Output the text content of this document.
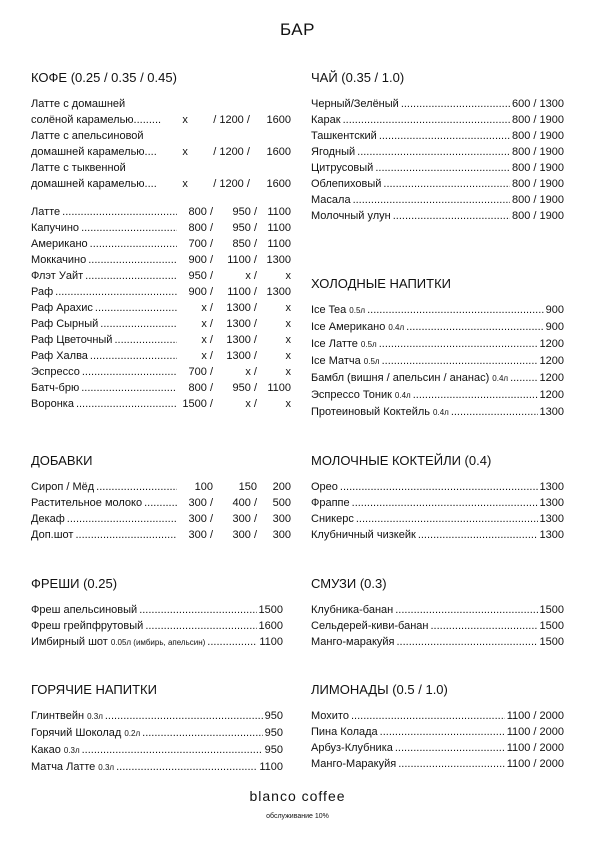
БАР
КОФЕ (0.25 / 0.35 / 0.45)
Латте с домашней
солёной карамелью.........	x	/ 1200 /	1600
Латте с апельсиновой
домашней карамелью....	x	/ 1200 /	1600
Латте с тыквенной
домашней карамелью....	x	/ 1200 /	1600
Латте .....	800 /	950 / 1100
Капучино .....	800 /	950 / 1100
Американо .....	700 /	850 / 1100
Моккачино .....	900 /	1100 / 1300
Флэт Уайт .....	950 /	x /	x
Раф .....	900 /	1100 / 1300
Раф Арахис .....	x /	1300 /	x
Раф Сырный .....	x /	1300 /	x
Раф Цветочный .....	x /	1300 /	x
Раф Халва .....	x /	1300 /	x
Эспрессо .....	700 /	x /	x
Батч-брю .....	800 /	950 / 1100
Воронка .....	1500 /	x /	x
ЧАЙ (0.35 / 1.0)
Черный/Зелёный .....	600 / 1300
Карак .....	800 / 1900
Ташкентский .....	800 / 1900
Ягодный .....	800 / 1900
Цитрусовый .....	800 / 1900
Облепиховый .....	800 / 1900
Масала .....	800 / 1900
Молочный улун .....	800 / 1900
ХОЛОДНЫЕ НАПИТКИ
Ice Tea 0.5л .....	900
Ice Американо 0.4л .....	900
Ice Латте 0.5л .....	1200
Ice Матча 0.5л .....	1200
Бамбл (вишня / апельсин / ананас) 0.4л .....	1200
Эспрессо Тоник 0.4л .....	1200
Протеиновый Коктейль 0.4л .....	1300
ДОБАВКИ
Сироп / Мёд .....	100	150	200
Растительное молоко .....	300 /	400 /	500
Декаф .....	300 /	300 /	300
Доп.шот .....	300 /	300 /	300
МОЛОЧНЫЕ КОКТЕЙЛИ (0.4)
Орео .....	1300
Фраппе .....	1300
Сникерс .....	1300
Клубничный чизкейк .....	1300
ФРЕШИ (0.25)
Фреш апельсиновый .....	1500
Фреш грейпфрутовый .....	1600
Имбирный шот 0.05л (имбирь, апельсин) .....	1100
СМУЗИ (0.3)
Клубника-банан .....	1500
Сельдерей-киви-банан .....	1500
Манго-маракуйя .....	1500
ГОРЯЧИЕ НАПИТКИ
Глинтвейн 0.3л .....	950
Горячий Шоколад 0.2л .....	950
Какао 0.3л .....	950
Матча Латте 0.3л .....	1100
ЛИМОНАДЫ (0.5 / 1.0)
Мохито .....	1100 / 2000
Пина Колада .....	1100 / 2000
Арбуз-Клубника .....	1100 / 2000
Манго-Маракуйя .....	1100 / 2000
blanco coffee
обслуживание 10%
